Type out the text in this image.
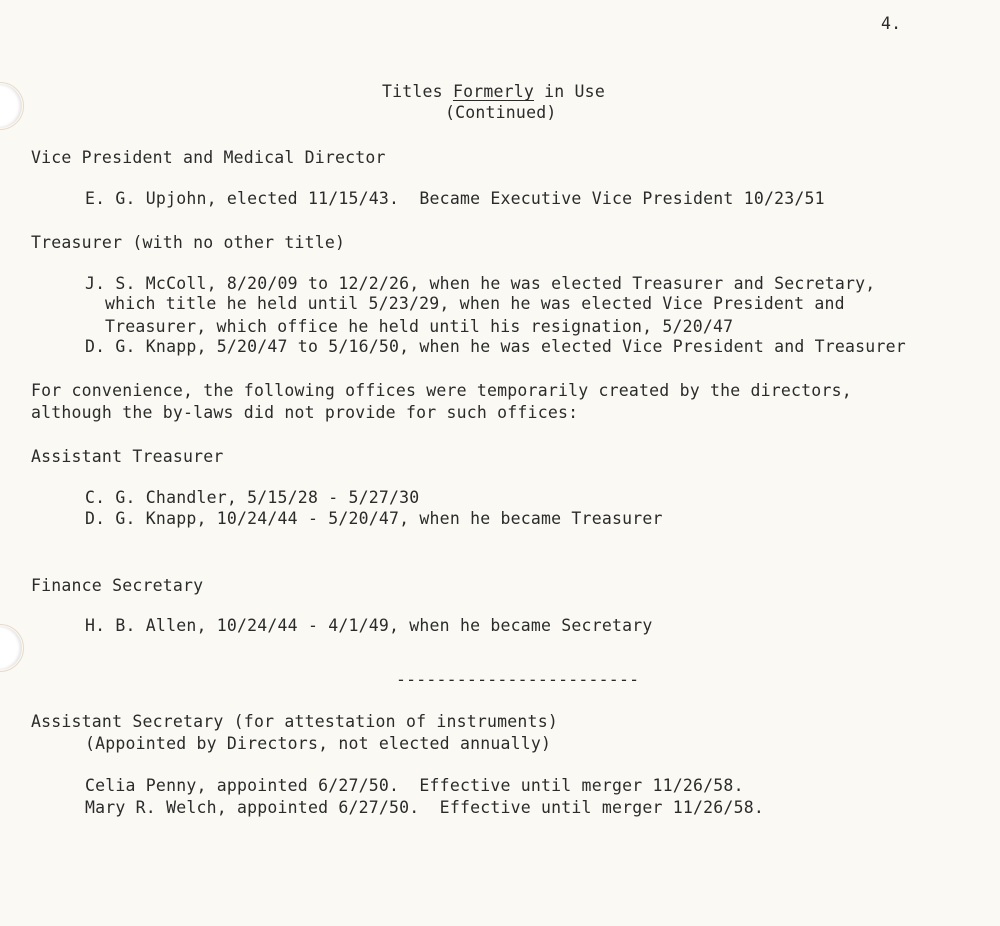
4.
Titles Formerly in Use
(Continued)
Vice President and Medical Director
E. G. Upjohn, elected 11/15/43.  Became Executive Vice President 10/23/51
Treasurer (with no other title)
J. S. McColl, 8/20/09 to 12/2/26, when he was elected Treasurer and Secretary,
which title he held until 5/23/29, when he was elected Vice President and
Treasurer, which office he held until his resignation, 5/20/47
D. G. Knapp, 5/20/47 to 5/16/50, when he was elected Vice President and Treasurer
For convenience, the following offices were temporarily created by the directors,
although the by-laws did not provide for such offices:
Assistant Treasurer
C. G. Chandler, 5/15/28 - 5/27/30
D. G. Knapp, 10/24/44 - 5/20/47, when he became Treasurer
Finance Secretary
H. B. Allen, 10/24/44 - 4/1/49, when he became Secretary
------------------------
Assistant Secretary (for attestation of instruments)
(Appointed by Directors, not elected annually)
Celia Penny, appointed 6/27/50.  Effective until merger 11/26/58.
Mary R. Welch, appointed 6/27/50.  Effective until merger 11/26/58.
